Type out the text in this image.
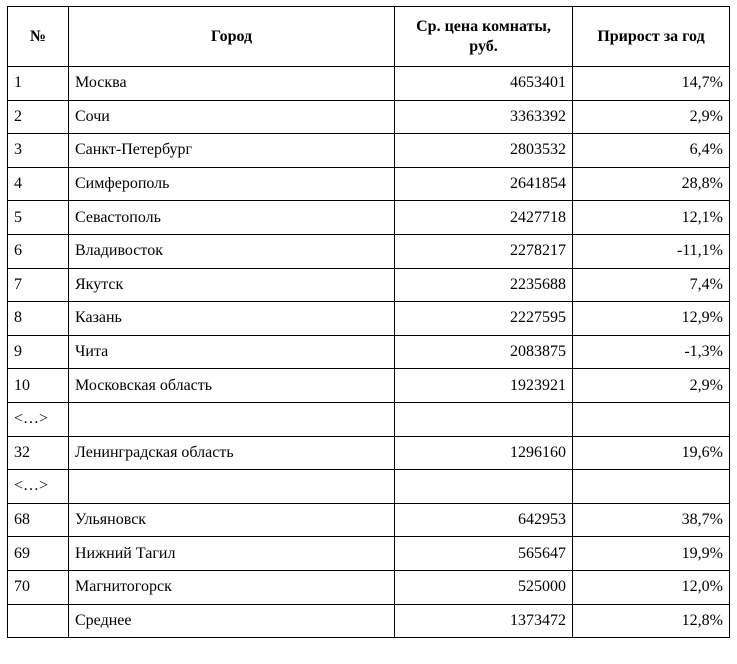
№	Город	Ср. цена комнаты, руб.	Прирост за год
1	Москва	4653401	14,7%
2	Сочи	3363392	2,9%
3	Санкт-Петербург	2803532	6,4%
4	Симферополь	2641854	28,8%
5	Севастополь	2427718	12,1%
6	Владивосток	2278217	-11,1%
7	Якутск	2235688	7,4%
8	Казань	2227595	12,9%
9	Чита	2083875	-1,3%
10	Московская область	1923921	2,9%
<…>			
32	Ленинградская область	1296160	19,6%
<…>			
68	Ульяновск	642953	38,7%
69	Нижний Тагил	565647	19,9%
70	Магнитогорск	525000	12,0%
	Среднее	1373472	12,8%
